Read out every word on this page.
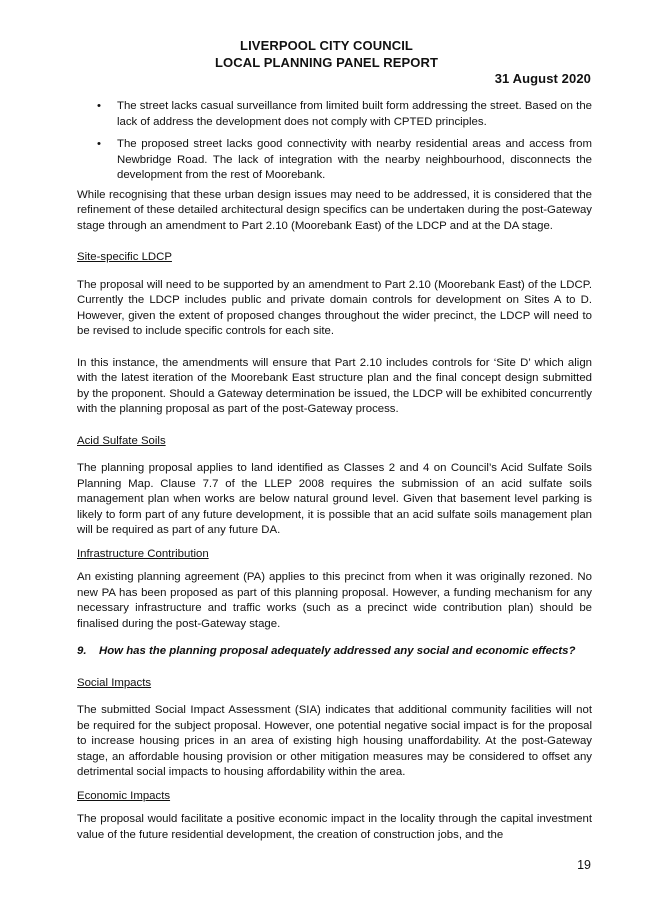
LIVERPOOL CITY COUNCIL
LOCAL PLANNING PANEL REPORT
31 August 2020
• The street lacks casual surveillance from limited built form addressing the street. Based on the lack of address the development does not comply with CPTED principles.
• The proposed street lacks good connectivity with nearby residential areas and access from Newbridge Road. The lack of integration with the nearby neighbourhood, disconnects the development from the rest of Moorebank.

While recognising that these urban design issues may need to be addressed, it is considered that the refinement of these detailed architectural design specifics can be undertaken during the post-Gateway stage through an amendment to Part 2.10 (Moorebank East) of the LDCP and at the DA stage.

Site-specific LDCP

The proposal will need to be supported by an amendment to Part 2.10 (Moorebank East) of the LDCP. Currently the LDCP includes public and private domain controls for development on Sites A to D. However, given the extent of proposed changes throughout the wider precinct, the LDCP will need to be revised to include specific controls for each site.

In this instance, the amendments will ensure that Part 2.10 includes controls for ‘Site D’ which align with the latest iteration of the Moorebank East structure plan and the final concept design submitted by the proponent. Should a Gateway determination be issued, the LDCP will be exhibited concurrently with the planning proposal as part of the post-Gateway process.

Acid Sulfate Soils

The planning proposal applies to land identified as Classes 2 and 4 on Council’s Acid Sulfate Soils Planning Map. Clause 7.7 of the LLEP 2008 requires the submission of an acid sulfate soils management plan when works are below natural ground level. Given that basement level parking is likely to form part of any future development, it is possible that an acid sulfate soils management plan will be required as part of any future DA.

Infrastructure Contribution

An existing planning agreement (PA) applies to this precinct from when it was originally rezoned. No new PA has been proposed as part of this planning proposal. However, a funding mechanism for any necessary infrastructure and traffic works (such as a precinct wide contribution plan) should be finalised during the post-Gateway stage.

9. How has the planning proposal adequately addressed any social and economic effects?

Social Impacts

The submitted Social Impact Assessment (SIA) indicates that additional community facilities will not be required for the subject proposal. However, one potential negative social impact is for the proposal to increase housing prices in an area of existing high housing unaffordability. At the post-Gateway stage, an affordable housing provision or other mitigation measures may be considered to offset any detrimental social impacts to housing affordability within the area.

Economic Impacts

The proposal would facilitate a positive economic impact in the locality through the capital investment value of the future residential development, the creation of construction jobs, and the

19
